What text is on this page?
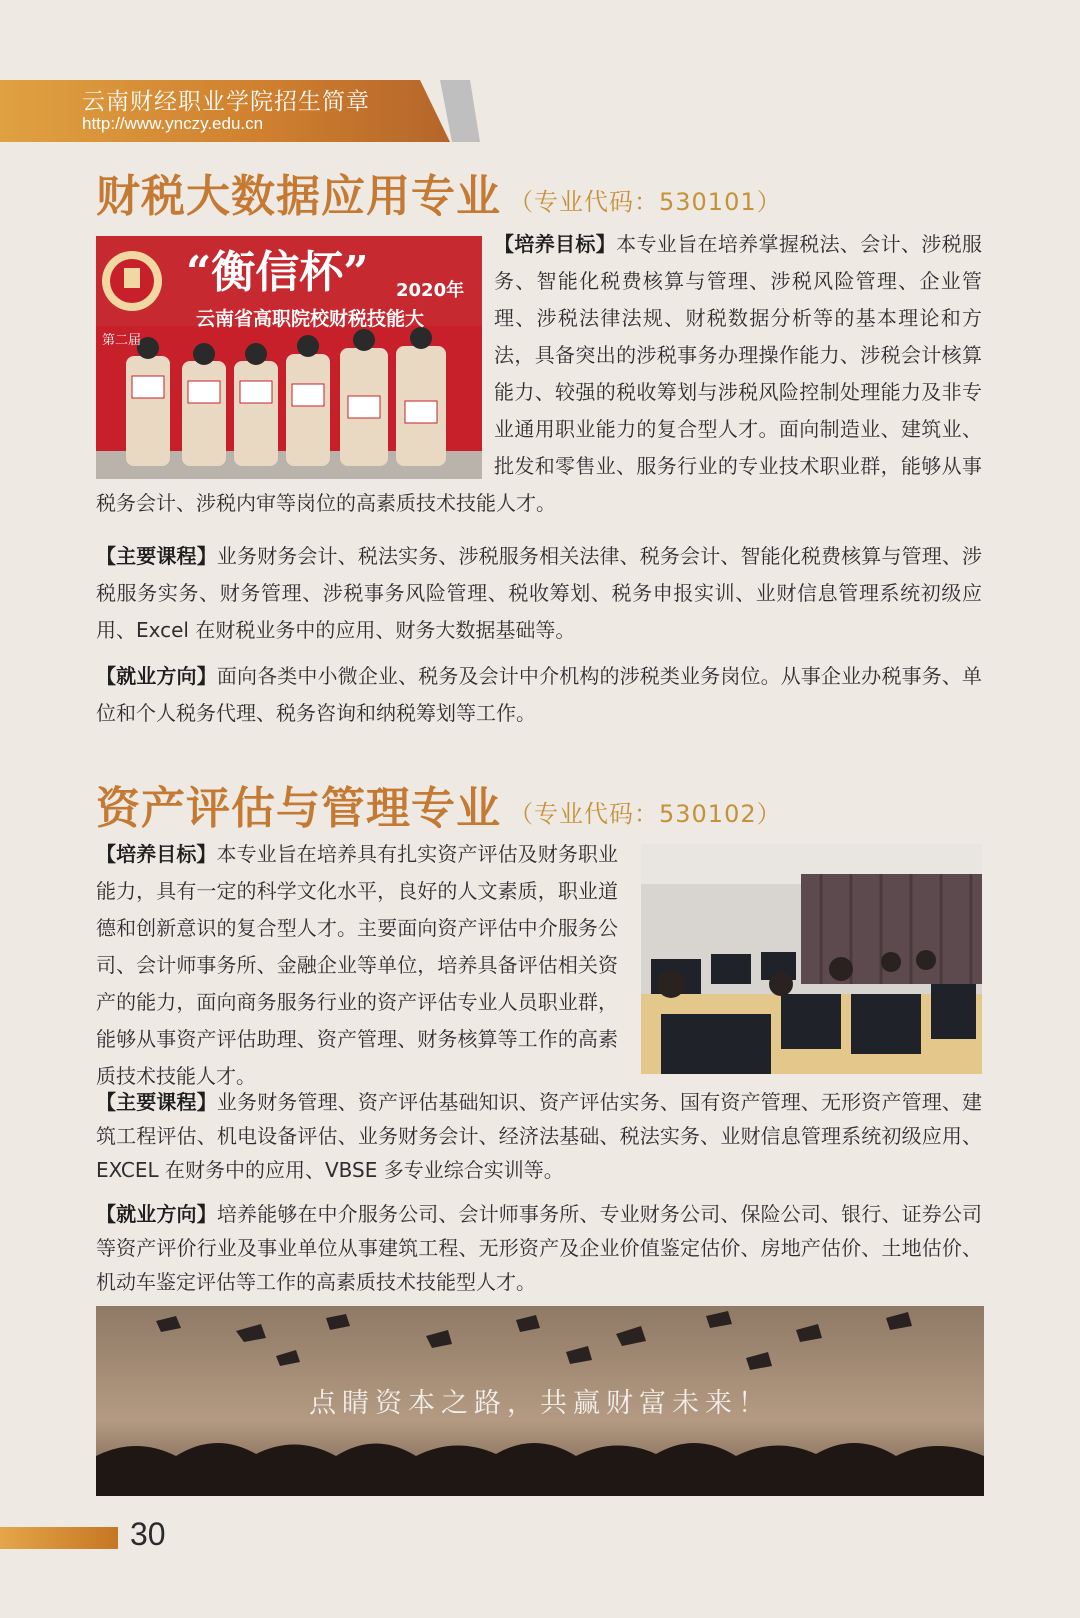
云南财经职业学院招生简章
http://www.ynczy.edu.cn
财税大数据应用专业 （专业代码：530101）
“衡信杯” 2020年
云南省高职院校财税技能大
第二届
【培养目标】本专业旨在培养掌握税法、会计、涉税服务、智能化税费核算与管理、涉税风险管理、企业管理、涉税法律法规、财税数据分析等的基本理论和方法，具备突出的涉税事务办理操作能力、涉税会计核算能力、较强的税收筹划与涉税风险控制处理能力及非专业通用职业能力的复合型人才。面向制造业、建筑业、批发和零售业、服务行业的专业技术职业群，能够从事税务会计、涉税内审等岗位的高素质技术技能人才。
【主要课程】业务财务会计、税法实务、涉税服务相关法律、税务会计、智能化税费核算与管理、涉税服务实务、财务管理、涉税事务风险管理、税收筹划、税务申报实训、业财信息管理系统初级应用、Excel 在财税业务中的应用、财务大数据基础等。
【就业方向】面向各类中小微企业、税务及会计中介机构的涉税类业务岗位。从事企业办税事务、单位和个人税务代理、税务咨询和纳税筹划等工作。
资产评估与管理专业 （专业代码：530102）
【培养目标】本专业旨在培养具有扎实资产评估及财务职业能力，具有一定的科学文化水平，良好的人文素质，职业道德和创新意识的复合型人才。主要面向资产评估中介服务公司、会计师事务所、金融企业等单位，培养具备评估相关资产的能力，面向商务服务行业的资产评估专业人员职业群，能够从事资产评估助理、资产管理、财务核算等工作的高素质技术技能人才。
【主要课程】业务财务管理、资产评估基础知识、资产评估实务、国有资产管理、无形资产管理、建筑工程评估、机电设备评估、业务财务会计、经济法基础、税法实务、业财信息管理系统初级应用、EXCEL 在财务中的应用、VBSE 多专业综合实训等。
【就业方向】培养能够在中介服务公司、会计师事务所、专业财务公司、保险公司、银行、证券公司等资产评价行业及事业单位从事建筑工程、无形资产及企业价值鉴定估价、房地产估价、土地估价、机动车鉴定评估等工作的高素质技术技能型人才。
点睛资本之路，共赢财富未来！
30
